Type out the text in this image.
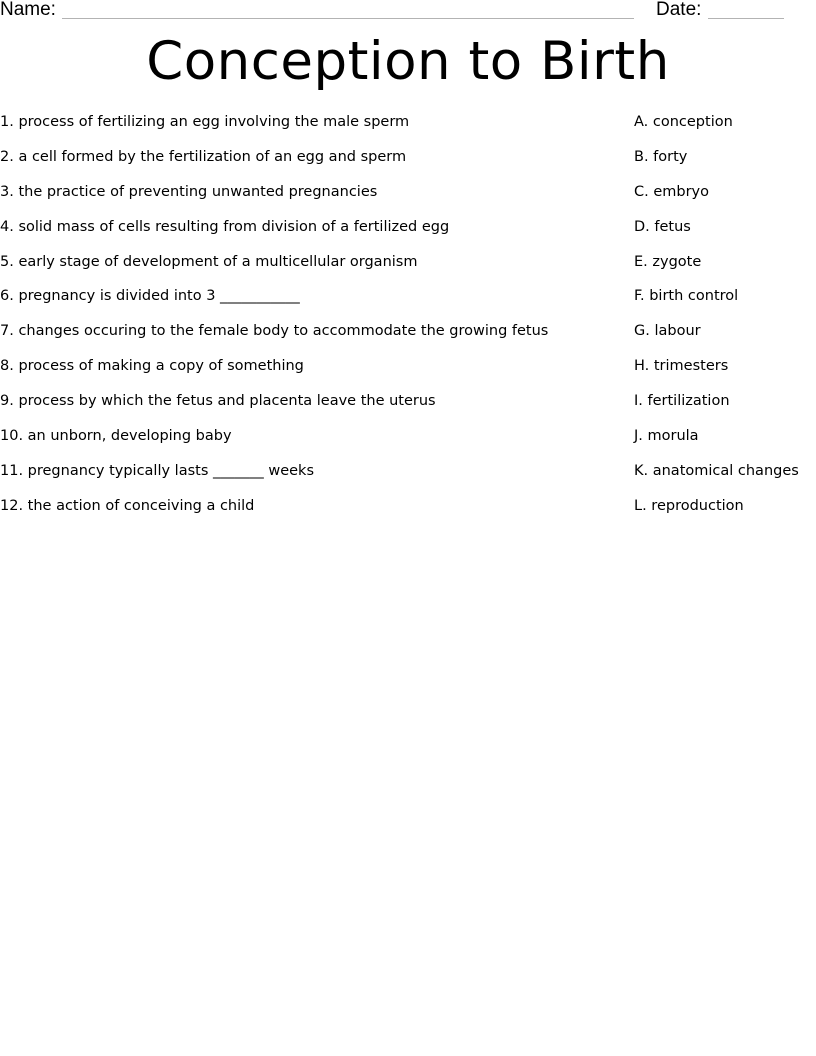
Name:	Date:
Conception to Birth
1. process of fertilizing an egg involving the male sperm	A. conception
2. a cell formed by the fertilization of an egg and sperm	B. forty
3. the practice of preventing unwanted pregnancies	C. embryo
4. solid mass of cells resulting from division of a fertilized egg	D. fetus
5. early stage of development of a multicellular organism	E. zygote
6. pregnancy is divided into 3 ___________	F. birth control
7. changes occuring to the female body to accommodate the growing fetus	G. labour
8. process of making a copy of something	H. trimesters
9. process by which the fetus and placenta leave the uterus	I. fertilization
10. an unborn, developing baby	J. morula
11. pregnancy typically lasts _______ weeks	K. anatomical changes
12. the action of conceiving a child	L. reproduction
